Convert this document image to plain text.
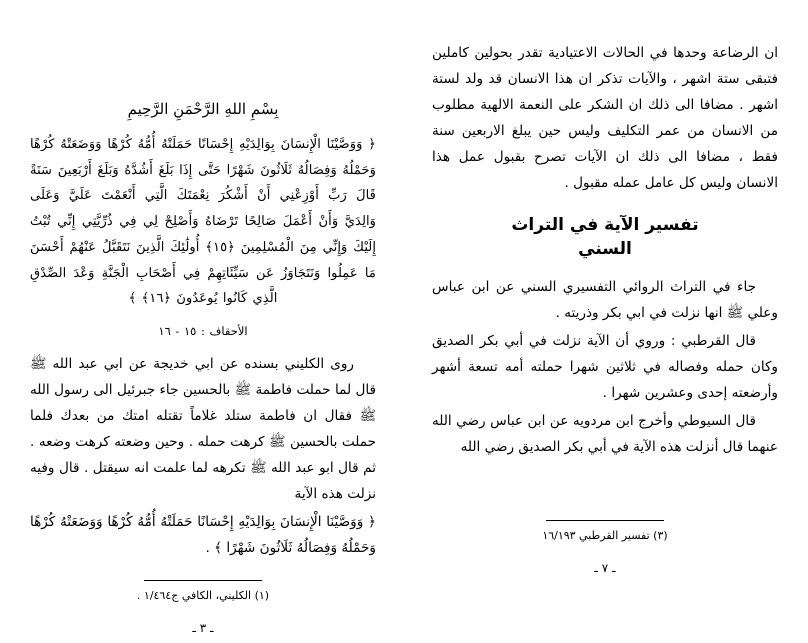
ان الرضاعة وحدها في الحالات الاعتيادية تقدر بحولين كاملين فتبقى ستة اشهر ، والآيات تذكر ان هذا الانسان قد ولد لستة اشهر . مضافا الى ذلك ان الشكر على النعمة الالهية مطلوب من الانسان من عمر التكليف وليس حين يبلغ الاربعين سنة فقط ، مضافا الى ذلك ان الآيات تصرح بقبول عمل هذا الانسان وليس كل عامل عمله مقبول .

تفسير الآية في التراث
السني

جاء في التراث الروائي التفسيري السني عن ابن عباس وعلي ﷺ انها نزلت في ابي بكر وذريته .

قال القرطبي : وروي أن الآية نزلت في أبي بكر الصديق وكان حمله وفصاله في ثلاثين شهرا حملته أمه تسعة أشهر وأرضعته إحدى وعشرين شهرا .

قال السيوطي وأخرج ابن مردويه عن ابن عباس رضي الله عنهما قال أنزلت هذه الآية في أبي بكر الصديق رضي الله

(٣) تفسير القرطبي ١٦/١٩٣

ـ ٧ ـ
بِسْمِ اللهِ الرَّحْمَنِ الرَّحِيمِ

﴿ وَوَصَّيْنَا الْإِنسَانَ بِوَالِدَيْهِ إِحْسَانًا حَمَلَتْهُ أُمُّهُ كُرْهًا وَوَضَعَتْهُ كُرْهًا وَحَمْلُهُ وَفِصَالُهُ ثَلَاثُونَ شَهْرًا حَتَّى إِذَا بَلَغَ أَشُدَّهُ وَبَلَغَ أَرْبَعِينَ سَنَةً قَالَ رَبِّ أَوْزِعْنِي أَنْ أَشْكُرَ نِعْمَتَكَ الَّتِي أَنْعَمْتَ عَلَيَّ وَعَلَى وَالِدَيَّ وَأَنْ أَعْمَلَ صَالِحًا تَرْضَاهُ وَأَصْلِحْ لِي فِي ذُرِّيَّتِي إِنِّي تُبْتُ إِلَيْكَ وَإِنِّي مِنَ الْمُسْلِمِينَ ﴿١٥﴾ أُولَٰئِكَ الَّذِينَ نَتَقَبَّلُ عَنْهُمْ أَحْسَنَ مَا عَمِلُوا وَنَتَجَاوَزُ عَن سَيِّئَاتِهِمْ فِي أَصْحَابِ الْجَنَّةِ وَعْدَ الصِّدْقِ الَّذِي كَانُوا يُوعَدُونَ ﴿١٦﴾ ﴾

الأحقاف : ١٥ - ١٦

روى الكليني بسنده عن ابي خديجة عن ابي عبد الله ﷺ قال لما حملت فاطمة ﷺ بالحسين جاء جبرئيل الى رسول الله ﷺ فقال ان فاطمة ستلد غلاماً تقتله امتك من بعدك فلما حملت بالحسين ﷺ كرهت حمله . وحين وضعته كرهت وضعه . ثم قال ابو عبد الله ﷺ تكرهه لما علمت انه سيقتل . قال وفيه نزلت هذه الآية

﴿ وَوَصَّيْنَا الْإِنسَانَ بِوَالِدَيْهِ إِحْسَانًا حَمَلَتْهُ أُمُّهُ كُرْهًا وَوَضَعَتْهُ كُرْهًا وَحَمْلُهُ وَفِصَالُهُ ثَلَاثُونَ شَهْرًا ﴾ .

(١) الكليني، الكافي ج١/٤٦٤ .

ـ ٣ ـ
